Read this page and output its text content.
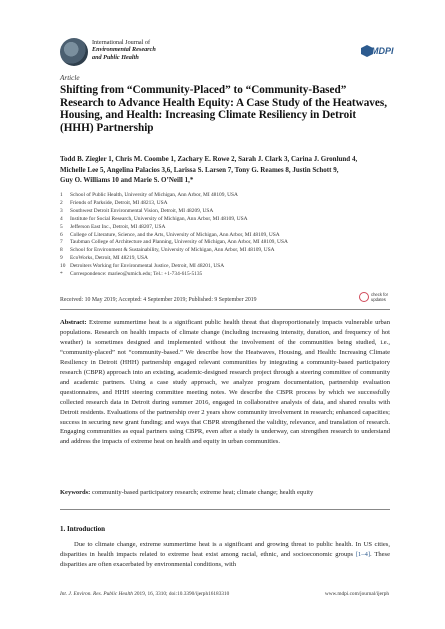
International Journal of
Environmental Research
and Public Health
MDPI
Article
Shifting from “Community-Placed” to “Community-Based” Research to Advance Health Equity: A Case Study of the Heatwaves, Housing, and Health: Increasing Climate Resiliency in Detroit (HHH) Partnership
Todd B. Ziegler 1, Chris M. Coombe 1, Zachary E. Rowe 2, Sarah J. Clark 3, Carina J. Gronlund 4,
Michelle Lee 5, Angelina Palacios 3,6, Larissa S. Larsen 7, Tony G. Reames 8, Justin Schott 9,
Guy O. Williams 10 and Marie S. O’Neill 1,*
1	School of Public Health, University of Michigan, Ann Arbor, MI 48109, USA
2	Friends of Parkside, Detroit, MI 48213, USA
3	Southwest Detroit Environmental Vision, Detroit, MI 48209, USA
4	Institute for Social Research, University of Michigan, Ann Arbor, MI 48109, USA
5	Jefferson East Inc., Detroit, MI 48207, USA
6	College of Literature, Science, and the Arts, University of Michigan, Ann Arbor, MI 48109, USA
7	Taubman College of Architecture and Planning, University of Michigan, Ann Arbor, MI 48109, USA
8	School for Environment & Sustainability, University of Michigan, Ann Arbor, MI 48109, USA
9	EcoWorks, Detroit, MI 48219, USA
10 Detroiters Working for Environmental Justice, Detroit, MI 48201, USA
*	Correspondence: marieo@umich.edu; Tel.: +1-734-615-5135
check for
updates
Received: 10 May 2019; Accepted: 4 September 2019; Published: 9 September 2019
Abstract: Extreme summertime heat is a significant public health threat that disproportionately impacts vulnerable urban populations. Research on health impacts of climate change (including increasing intensity, duration, and frequency of hot weather) is sometimes designed and implemented without the involvement of the communities being studied, i.e., “community-placed” not “community-based.” We describe how the Heatwaves, Housing, and Health: Increasing Climate Resiliency in Detroit (HHH) partnership engaged relevant communities by integrating a community-based participatory research (CBPR) approach into an existing, academic-designed research project through a steering committee of community and academic partners. Using a case study approach, we analyze program documentation, partnership evaluation questionnaires, and HHH steering committee meeting notes. We describe the CBPR process by which we successfully collected research data in Detroit during summer 2016, engaged in collaborative analysis of data, and shared results with Detroit residents. Evaluations of the partnership over 2 years show community involvement in research; enhanced capacities; success in securing new grant funding; and ways that CBPR strengthened the validity, relevance, and translation of research. Engaging communities as equal partners using CBPR, even after a study is underway, can strengthen research to understand and address the impacts of extreme heat on health and equity in urban communities.
Keywords: community-based participatory research; extreme heat; climate change; health equity
1. Introduction
Due to climate change, extreme summertime heat is a significant and growing threat to public health. In US cities, disparities in health impacts related to extreme heat exist among racial, ethnic, and socioeconomic groups [1–4]. These disparities are often exacerbated by environmental conditions, with
Int. J. Environ. Res. Public Health 2019, 16, 3310; doi:10.3390/ijerph16183310	www.mdpi.com/journal/ijerph
